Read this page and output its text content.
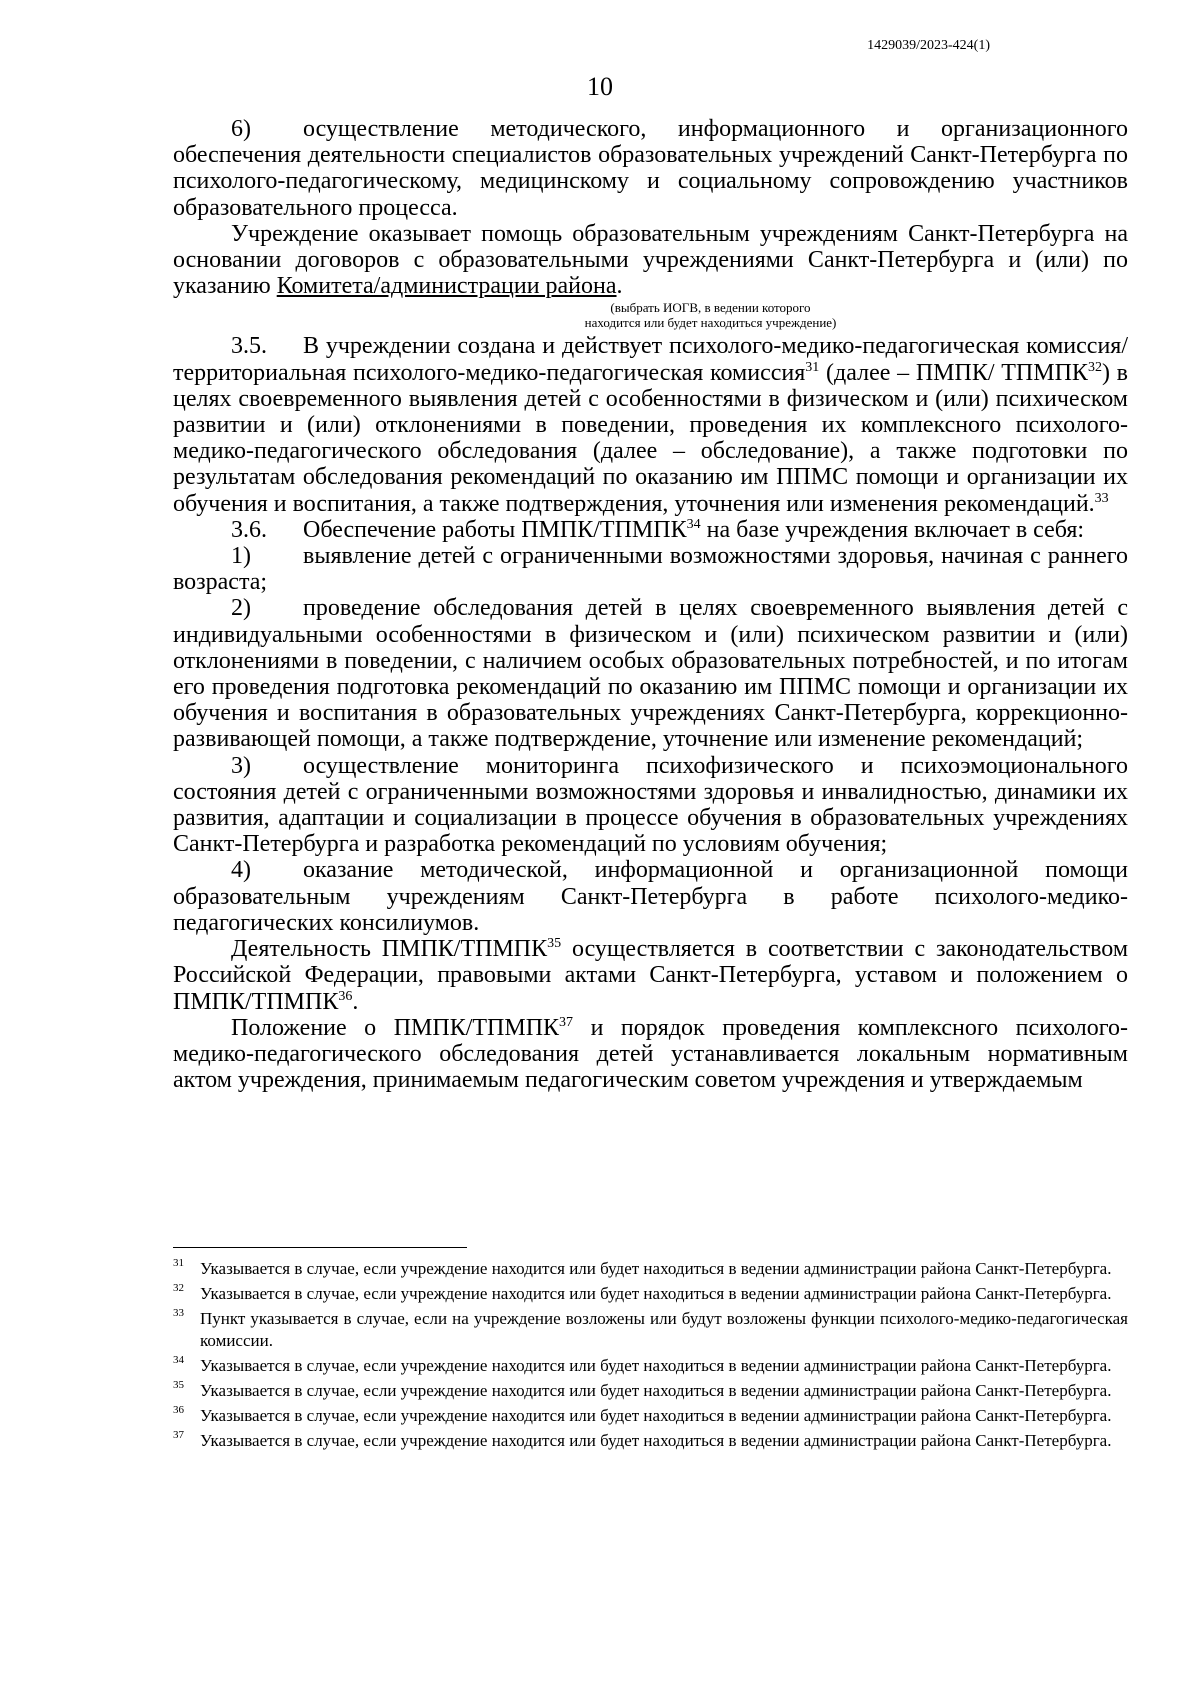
1429039/2023-424(1)
10

6) осуществление методического, информационного и организационного обеспечения деятельности специалистов образовательных учреждений Санкт-Петербурга по психолого-педагогическому, медицинскому и социальному сопровождению участников образовательного процесса.

Учреждение оказывает помощь образовательным учреждениям Санкт-Петербурга на основании договоров с образовательными учреждениями Санкт-Петербурга и (или) по указанию Комитета/администрации района.

(выбрать ИОГВ, в ведении которого
находится или будет находиться учреждение)

3.5. В учреждении создана и действует психолого-медико-педагогическая комиссия/территориальная психолого-медико-педагогическая комиссия$^{31}$ (далее – ПМПК/ ТПМПК$^{32}$) в целях своевременного выявления детей с особенностями в физическом и (или) психическом развитии и (или) отклонениями в поведении, проведения их комплексного психолого-медико-педагогического обследования (далее – обследование), а также подготовки по результатам обследования рекомендаций по оказанию им ППМС помощи и организации их обучения и воспитания, а также подтверждения, уточнения или изменения рекомендаций.$^{33}$

3.6. Обеспечение работы ПМПК/ТПМПК$^{34}$ на базе учреждения включает в себя:

1) выявление детей с ограниченными возможностями здоровья, начиная с раннего возраста;

2) проведение обследования детей в целях своевременного выявления детей с индивидуальными особенностями в физическом и (или) психическом развитии и (или) отклонениями в поведении, с наличием особых образовательных потребностей, и по итогам его проведения подготовка рекомендаций по оказанию им ППМС помощи и организации их обучения и воспитания в образовательных учреждениях Санкт-Петербурга, коррекционно-развивающей помощи, а также подтверждение, уточнение или изменение рекомендаций;

3) осуществление мониторинга психофизического и психоэмоционального состояния детей с ограниченными возможностями здоровья и инвалидностью, динамики их развития, адаптации и социализации в процессе обучения в образовательных учреждениях Санкт-Петербурга и разработка рекомендаций по условиям обучения;

4) оказание методической, информационной и организационной помощи образовательным учреждениям Санкт-Петербурга в работе психолого-медико-педагогических консилиумов.

Деятельность ПМПК/ТПМПК$^{35}$ осуществляется в соответствии с законодательством Российской Федерации, правовыми актами Санкт-Петербурга, уставом и положением о ПМПК/ТПМПК$^{36}$.

Положение о ПМПК/ТПМПК$^{37}$ и порядок проведения комплексного психолого-медико-педагогического обследования детей устанавливается локальным нормативным актом учреждения, принимаемым педагогическим советом учреждения и утверждаемым

31 Указывается в случае, если учреждение находится или будет находиться в ведении администрации района Санкт-Петербурга.
32 Указывается в случае, если учреждение находится или будет находиться в ведении администрации района Санкт-Петербурга.
33 Пункт указывается в случае, если на учреждение возложены или будут возложены функции психолого-медико-педагогическая комиссии.
34 Указывается в случае, если учреждение находится или будет находиться в ведении администрации района Санкт-Петербурга.
35 Указывается в случае, если учреждение находится или будет находиться в ведении администрации района Санкт-Петербурга.
36 Указывается в случае, если учреждение находится или будет находиться в ведении администрации района Санкт-Петербурга.
37 Указывается в случае, если учреждение находится или будет находиться в ведении администрации района Санкт-Петербурга.
